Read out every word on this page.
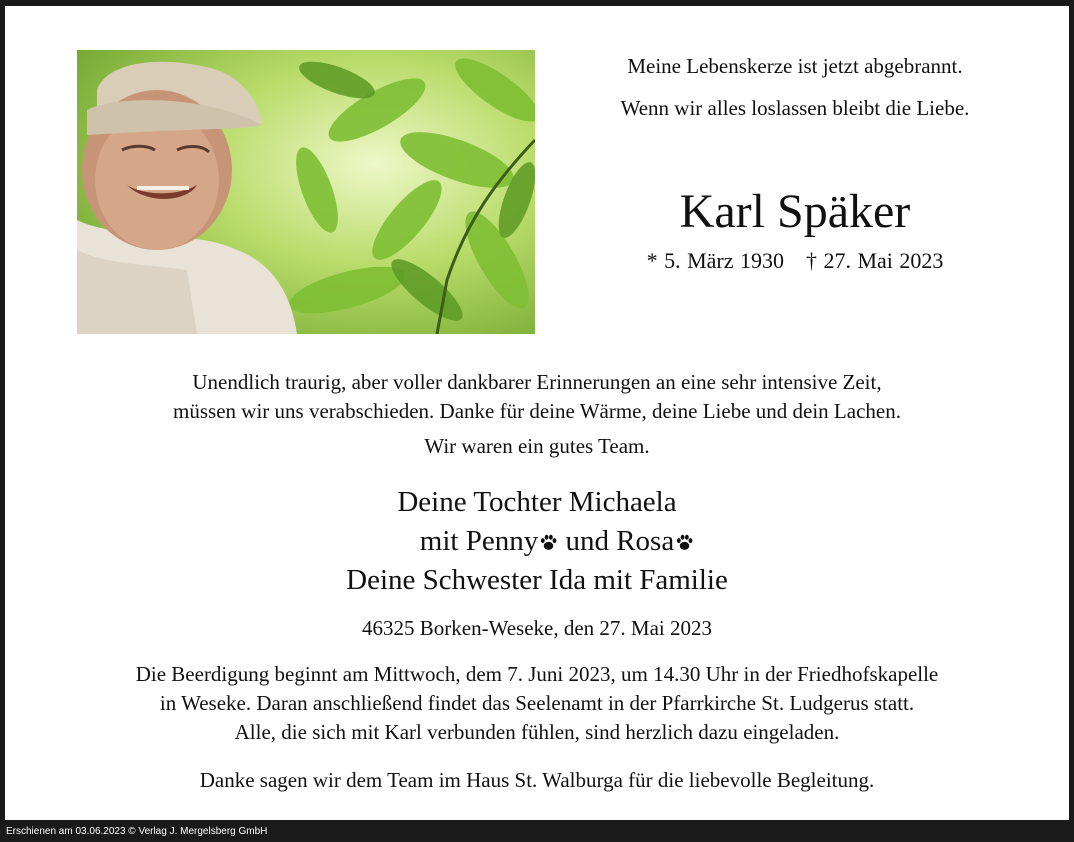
Meine Lebenskerze ist jetzt abgebrannt.
Wenn wir alles loslassen bleibt die Liebe.
Karl Späker
* 5. März 1930 † 27. Mai 2023
Unendlich traurig, aber voller dankbarer Erinnerungen an eine sehr intensive Zeit,
müssen wir uns verabschieden. Danke für deine Wärme, deine Liebe und dein Lachen.
Wir waren ein gutes Team.
Deine Tochter Michaela
mit Penny und Rosa
Deine Schwester Ida mit Familie
46325 Borken-Weseke, den 27. Mai 2023
Die Beerdigung beginnt am Mittwoch, dem 7. Juni 2023, um 14.30 Uhr in der Friedhofskapelle
in Weseke. Daran anschließend findet das Seelenamt in der Pfarrkirche St. Ludgerus statt.
Alle, die sich mit Karl verbunden fühlen, sind herzlich dazu eingeladen.
Danke sagen wir dem Team im Haus St. Walburga für die liebevolle Begleitung.
Erschienen am 03.06.2023 © Verlag J. Mergelsberg GmbH
